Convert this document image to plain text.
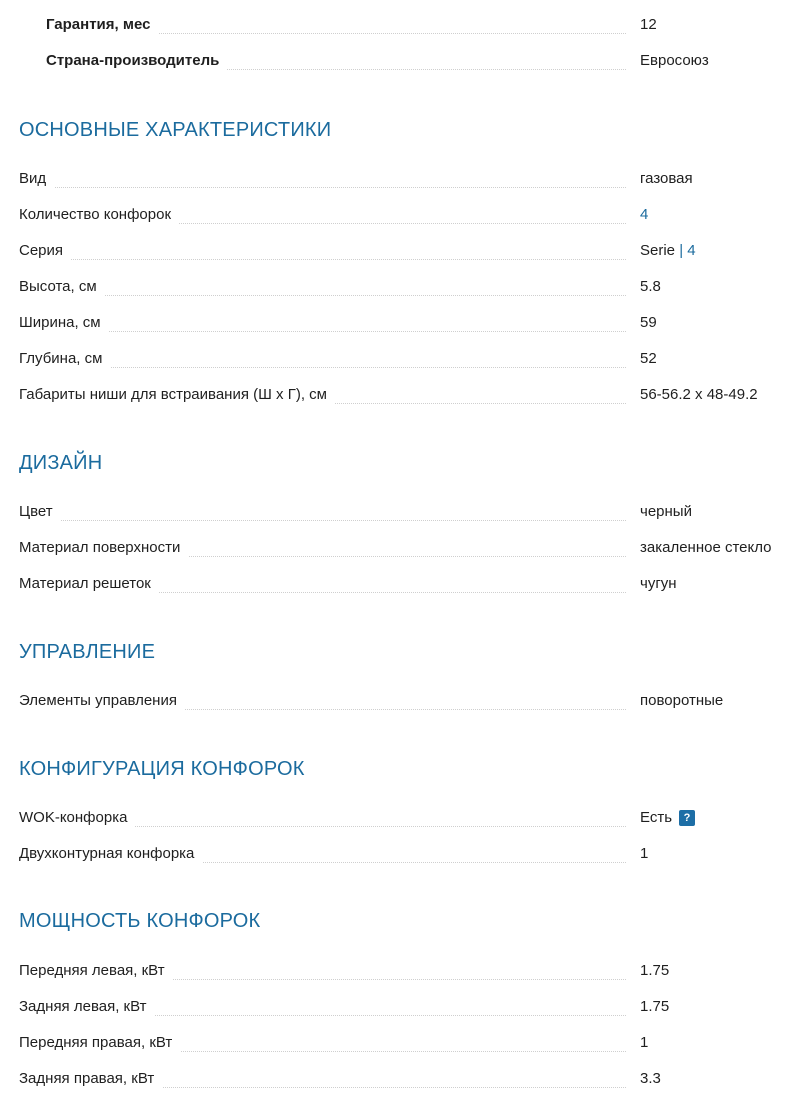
Гарантия, мес	12
Страна-производитель	Евросоюз
ОСНОВНЫЕ ХАРАКТЕРИСТИКИ
Вид	газовая
Количество конфорок	4
Серия	Serie | 4
Высота, см	5.8
Ширина, см	59
Глубина, см	52
Габариты ниши для встраивания (Ш х Г), см	56-56.2 x 48-49.2
ДИЗАЙН
Цвет	черный
Материал поверхности	закаленное стекло
Материал решеток	чугун
УПРАВЛЕНИЕ
Элементы управления	поворотные
КОНФИГУРАЦИЯ КОНФОРОК
WOK-конфорка	Есть ?
Двухконтурная конфорка	1
МОЩНОСТЬ КОНФОРОК
Передняя левая, кВт	1.75
Задняя левая, кВт	1.75
Передняя правая, кВт	1
Задняя правая, кВт	3.3
